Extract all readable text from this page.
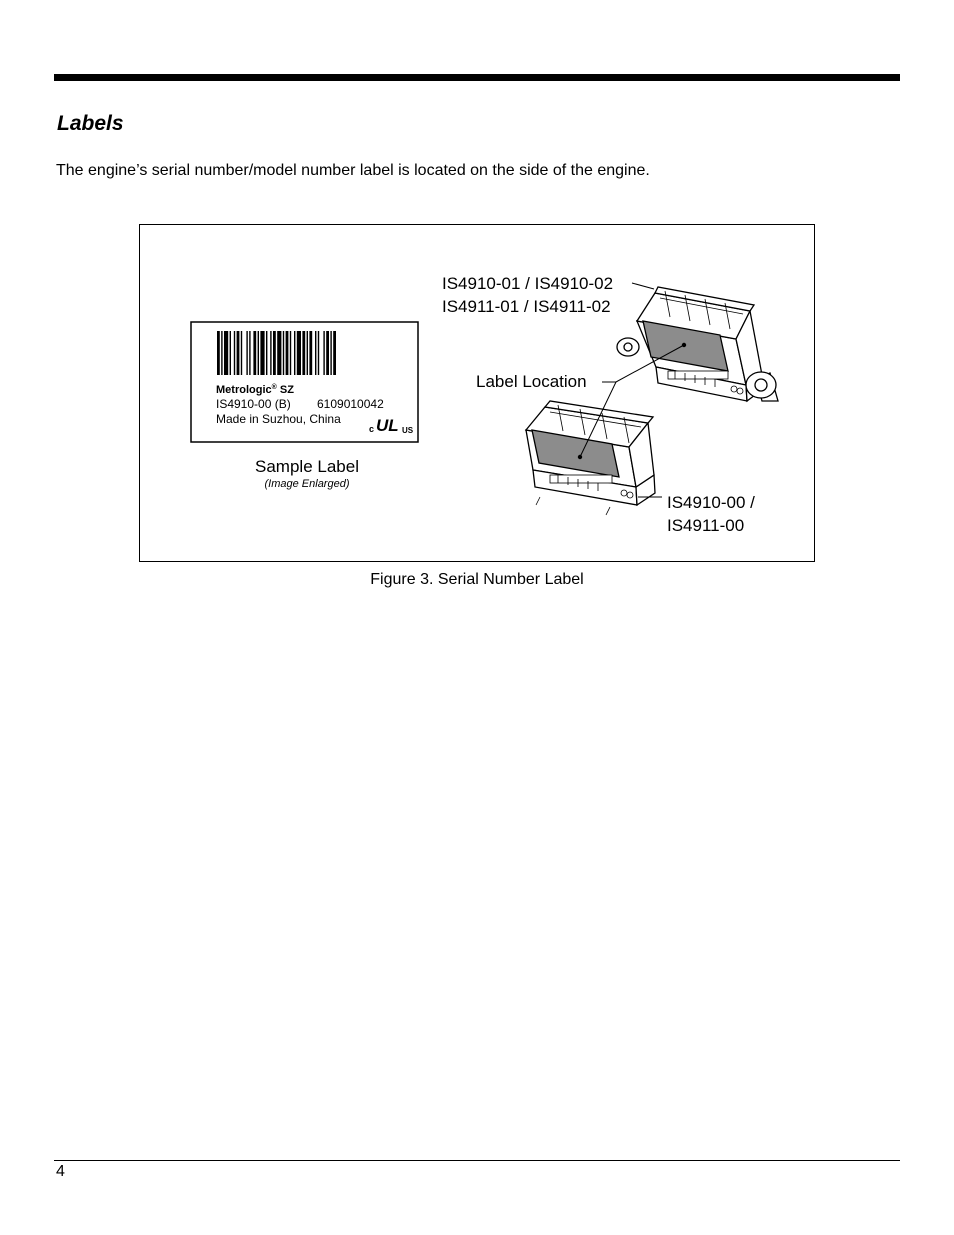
Labels

The engine’s serial number/model number label is located on the side of the engine.

Metrologic® SZ
IS4910-00 (B) 6109010042
Made in Suzhou, China
c UL US
Sample Label
(Image Enlarged)
IS4910-01 / IS4910-02
IS4911-01 / IS4911-02
Label Location
IS4910-00 /
IS4911-00

Figure 3. Serial Number Label

4
